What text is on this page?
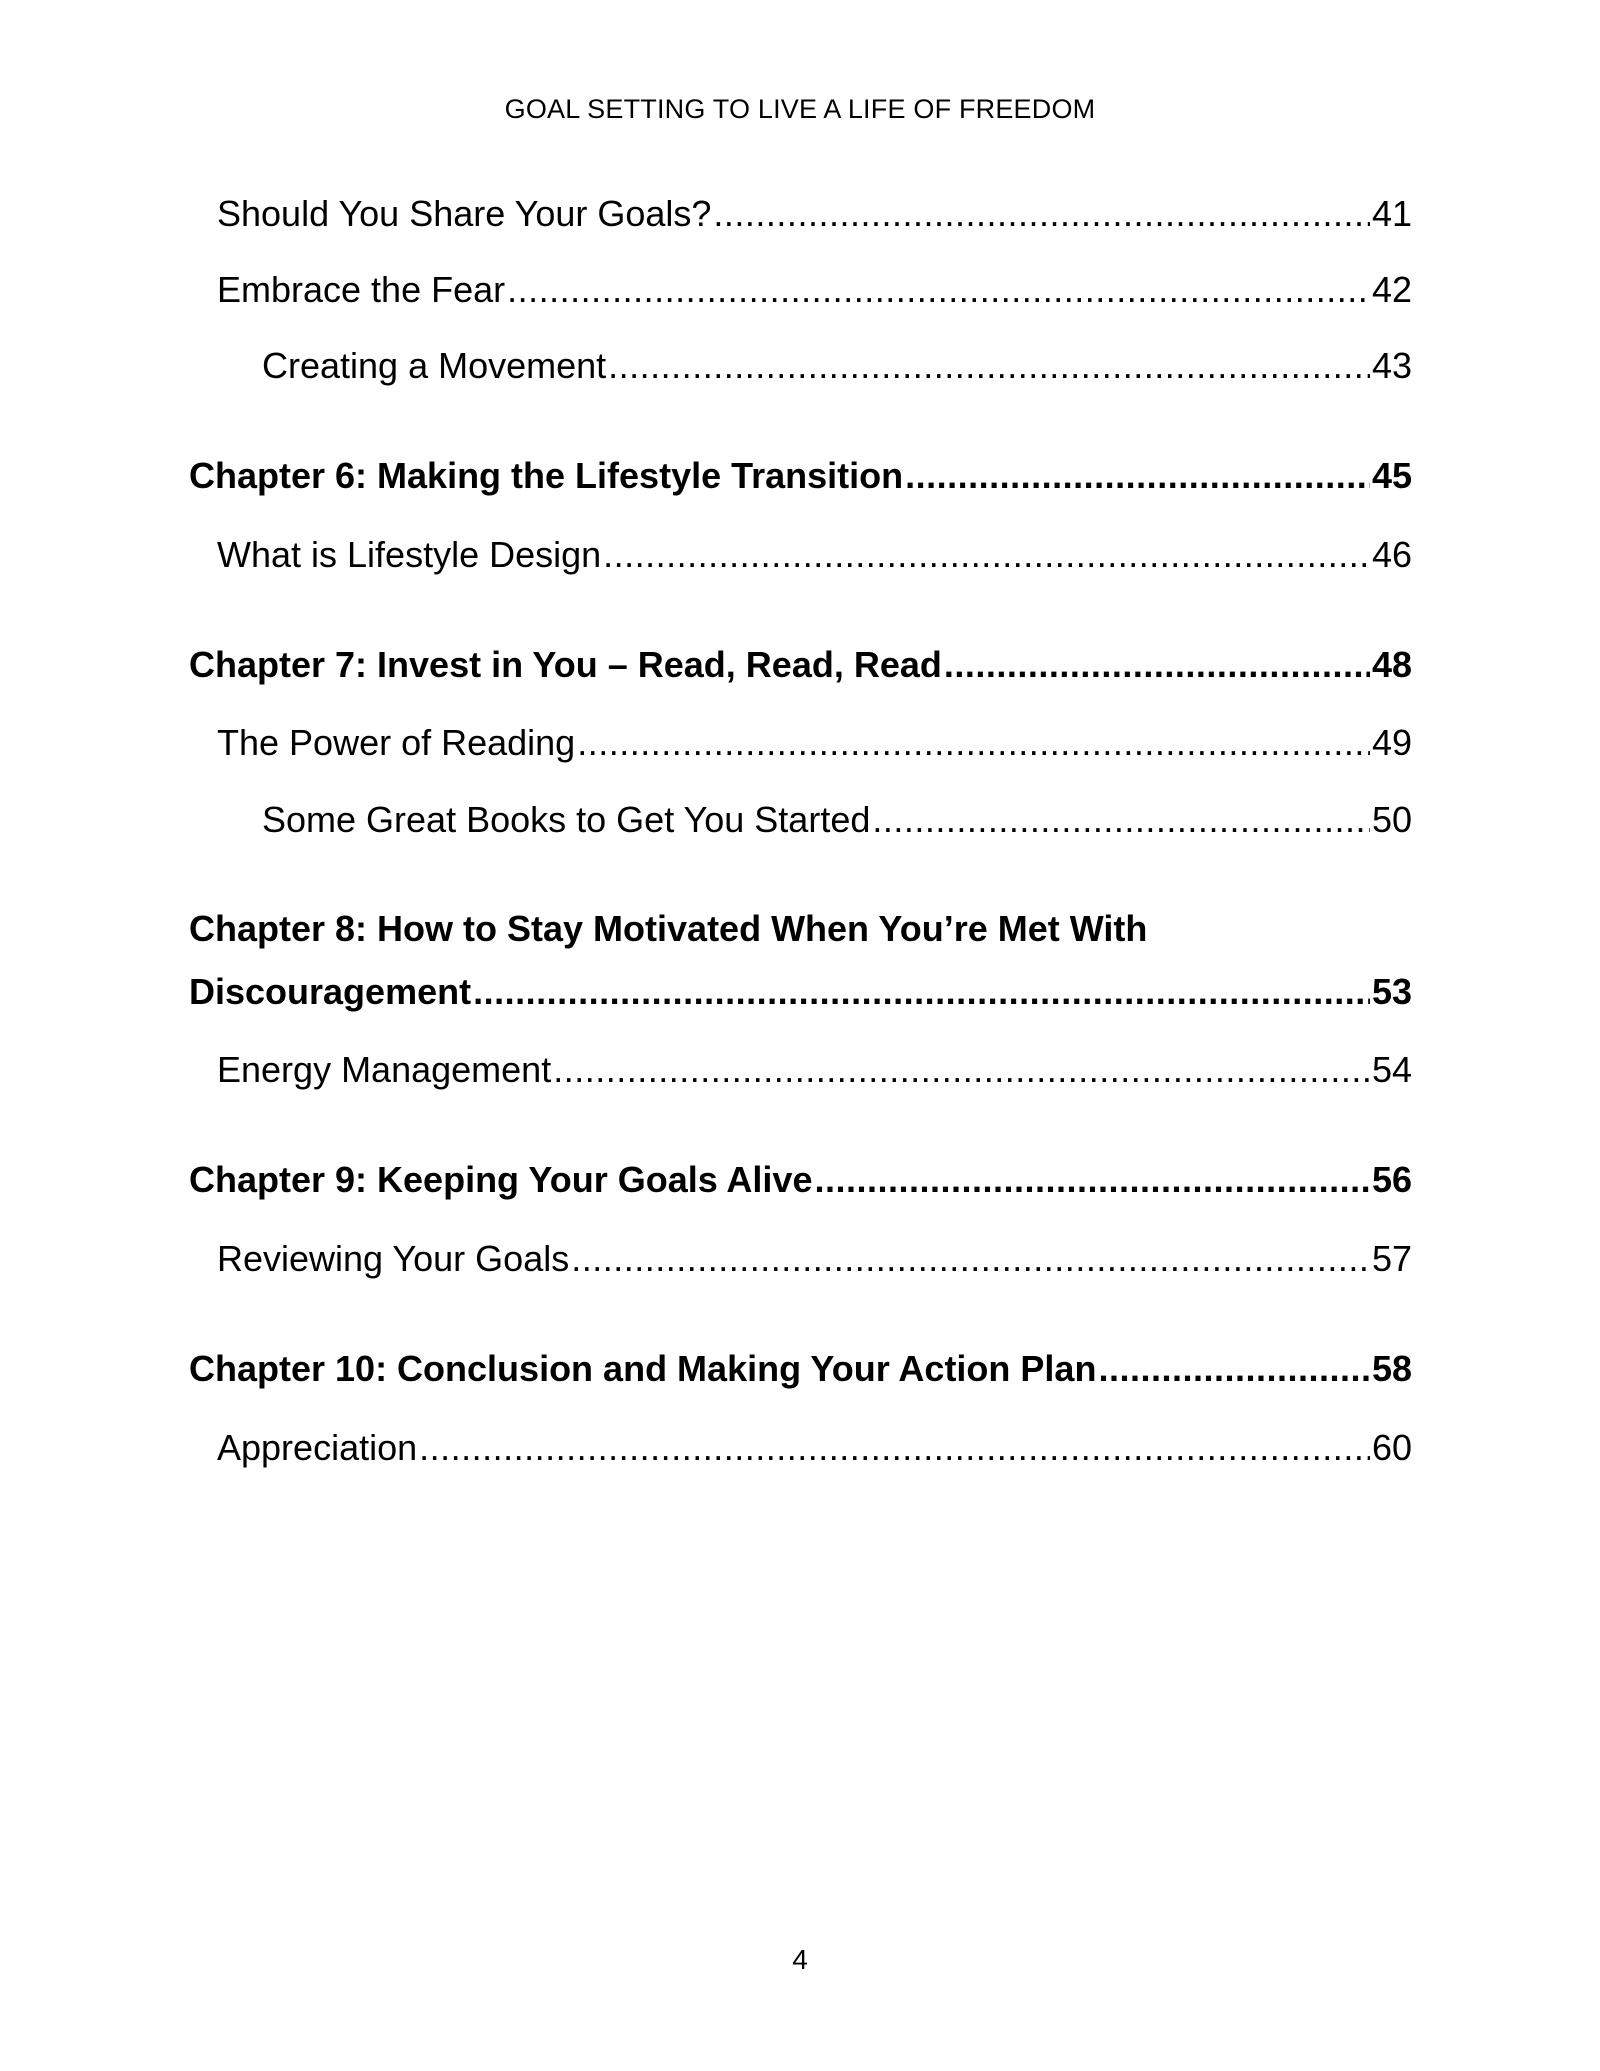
GOAL SETTING TO LIVE A LIFE OF FREEDOM
Should You Share Your Goals? .....	41
Embrace the Fear .....	42
Creating a Movement .....	43
Chapter 6: Making the Lifestyle Transition .....	45
What is Lifestyle Design .....	46
Chapter 7: Invest in You – Read, Read, Read .....	48
The Power of Reading .....	49
Some Great Books to Get You Started .....	50
Chapter 8: How to Stay Motivated When You’re Met With
Discouragement .....	53
Energy Management .....	54
Chapter 9: Keeping Your Goals Alive .....	56
Reviewing Your Goals .....	57
Chapter 10: Conclusion and Making Your Action Plan .....	58
Appreciation .....	60
4
